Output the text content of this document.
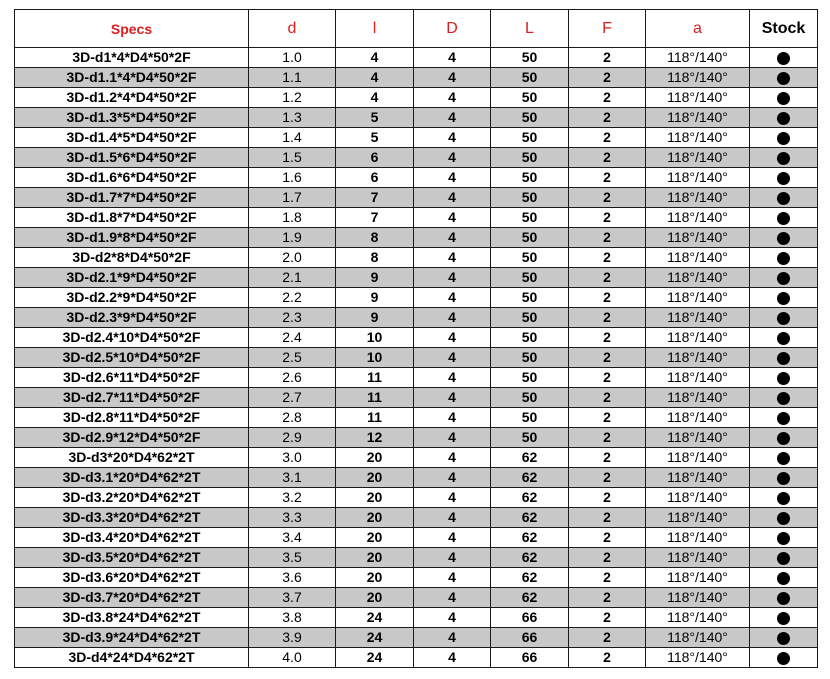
Specs	d	l	D	L	F	a	Stock
3D-d1*4*D4*50*2F	1.0	4	4	50	2	118°/140°	
3D-d1.1*4*D4*50*2F	1.1	4	4	50	2	118°/140°	
3D-d1.2*4*D4*50*2F	1.2	4	4	50	2	118°/140°	
3D-d1.3*5*D4*50*2F	1.3	5	4	50	2	118°/140°	
3D-d1.4*5*D4*50*2F	1.4	5	4	50	2	118°/140°	
3D-d1.5*6*D4*50*2F	1.5	6	4	50	2	118°/140°	
3D-d1.6*6*D4*50*2F	1.6	6	4	50	2	118°/140°	
3D-d1.7*7*D4*50*2F	1.7	7	4	50	2	118°/140°	
3D-d1.8*7*D4*50*2F	1.8	7	4	50	2	118°/140°	
3D-d1.9*8*D4*50*2F	1.9	8	4	50	2	118°/140°	
3D-d2*8*D4*50*2F	2.0	8	4	50	2	118°/140°	
3D-d2.1*9*D4*50*2F	2.1	9	4	50	2	118°/140°	
3D-d2.2*9*D4*50*2F	2.2	9	4	50	2	118°/140°	
3D-d2.3*9*D4*50*2F	2.3	9	4	50	2	118°/140°	
3D-d2.4*10*D4*50*2F	2.4	10	4	50	2	118°/140°	
3D-d2.5*10*D4*50*2F	2.5	10	4	50	2	118°/140°	
3D-d2.6*11*D4*50*2F	2.6	11	4	50	2	118°/140°	
3D-d2.7*11*D4*50*2F	2.7	11	4	50	2	118°/140°	
3D-d2.8*11*D4*50*2F	2.8	11	4	50	2	118°/140°	
3D-d2.9*12*D4*50*2F	2.9	12	4	50	2	118°/140°	
3D-d3*20*D4*62*2T	3.0	20	4	62	2	118°/140°	
3D-d3.1*20*D4*62*2T	3.1	20	4	62	2	118°/140°	
3D-d3.2*20*D4*62*2T	3.2	20	4	62	2	118°/140°	
3D-d3.3*20*D4*62*2T	3.3	20	4	62	2	118°/140°	
3D-d3.4*20*D4*62*2T	3.4	20	4	62	2	118°/140°	
3D-d3.5*20*D4*62*2T	3.5	20	4	62	2	118°/140°	
3D-d3.6*20*D4*62*2T	3.6	20	4	62	2	118°/140°	
3D-d3.7*20*D4*62*2T	3.7	20	4	62	2	118°/140°	
3D-d3.8*24*D4*62*2T	3.8	24	4	66	2	118°/140°	
3D-d3.9*24*D4*62*2T	3.9	24	4	66	2	118°/140°	
3D-d4*24*D4*62*2T	4.0	24	4	66	2	118°/140°	
